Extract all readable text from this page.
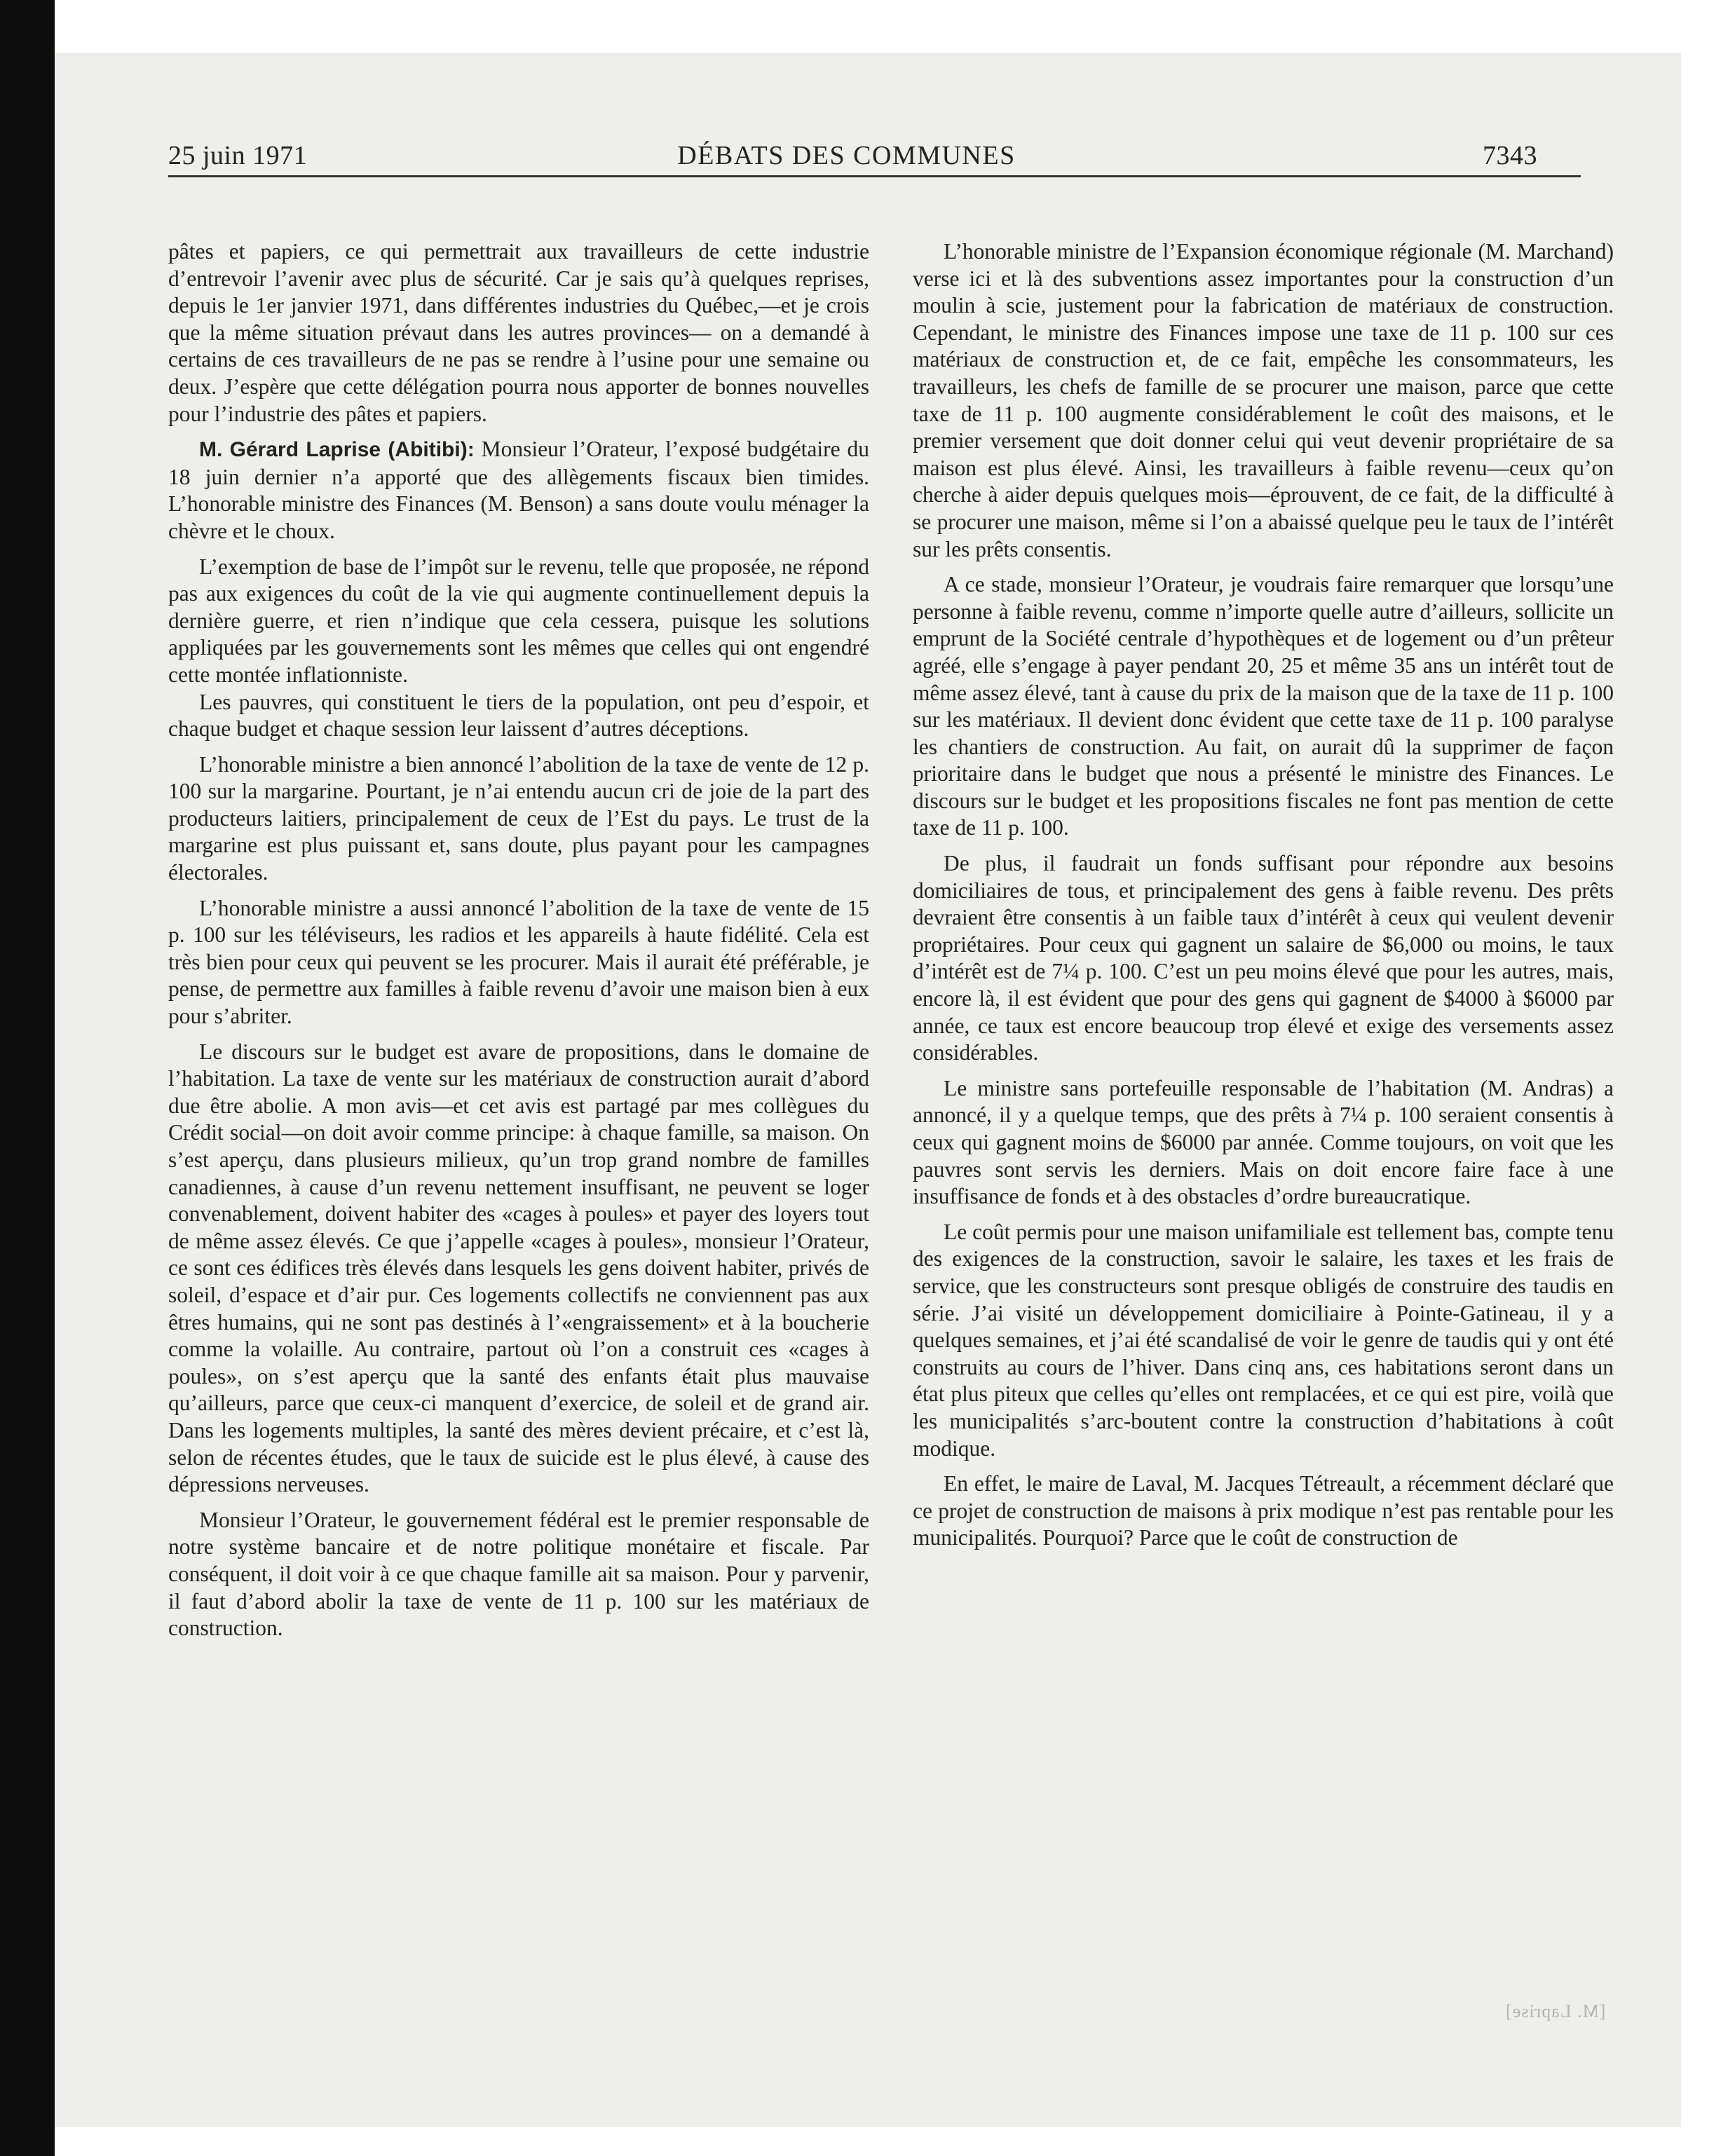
25 juin 1971	DÉBATS DES COMMUNES	7343

pâtes et papiers, ce qui permettrait aux travailleurs de cette industrie d’entrevoir l’avenir avec plus de sécurité. Car je sais qu’à quelques reprises, depuis le 1er janvier 1971, dans différentes industries du Québec,—et je crois que la même situation prévaut dans les autres provinces— on a demandé à certains de ces travailleurs de ne pas se rendre à l’usine pour une semaine ou deux. J’espère que cette délégation pourra nous apporter de bonnes nouvelles pour l’industrie des pâtes et papiers.

M. Gérard Laprise (Abitibi): Monsieur l’Orateur, l’exposé budgétaire du 18 juin dernier n’a apporté que des allègements fiscaux bien timides. L’honorable ministre des Finances (M. Benson) a sans doute voulu ménager la chèvre et le choux.

L’exemption de base de l’impôt sur le revenu, telle que proposée, ne répond pas aux exigences du coût de la vie qui augmente continuellement depuis la dernière guerre, et rien n’indique que cela cessera, puisque les solutions appliquées par les gouvernements sont les mêmes que celles qui ont engendré cette montée inflationniste.

Les pauvres, qui constituent le tiers de la population, ont peu d’espoir, et chaque budget et chaque session leur laissent d’autres déceptions.

L’honorable ministre a bien annoncé l’abolition de la taxe de vente de 12 p. 100 sur la margarine. Pourtant, je n’ai entendu aucun cri de joie de la part des producteurs laitiers, principalement de ceux de l’Est du pays. Le trust de la margarine est plus puissant et, sans doute, plus payant pour les campagnes électorales.

L’honorable ministre a aussi annoncé l’abolition de la taxe de vente de 15 p. 100 sur les téléviseurs, les radios et les appareils à haute fidélité. Cela est très bien pour ceux qui peuvent se les procurer. Mais il aurait été préférable, je pense, de permettre aux familles à faible revenu d’avoir une maison bien à eux pour s’abriter.

Le discours sur le budget est avare de propositions, dans le domaine de l’habitation. La taxe de vente sur les matériaux de construction aurait d’abord due être abolie. A mon avis—et cet avis est partagé par mes collègues du Crédit social—on doit avoir comme principe: à chaque famille, sa maison. On s’est aperçu, dans plusieurs milieux, qu’un trop grand nombre de familles canadiennes, à cause d’un revenu nettement insuffisant, ne peuvent se loger convenablement, doivent habiter des «cages à poules» et payer des loyers tout de même assez élevés. Ce que j’appelle «cages à poules», monsieur l’Orateur, ce sont ces édifices très élevés dans lesquels les gens doivent habiter, privés de soleil, d’espace et d’air pur. Ces logements collectifs ne conviennent pas aux êtres humains, qui ne sont pas destinés à l’«engraissement» et à la boucherie comme la volaille. Au contraire, partout où l’on a construit ces «cages à poules», on s’est aperçu que la santé des enfants était plus mauvaise qu’ailleurs, parce que ceux-ci manquent d’exercice, de soleil et de grand air. Dans les logements multiples, la santé des mères devient précaire, et c’est là, selon de récentes études, que le taux de suicide est le plus élevé, à cause des dépressions nerveuses.

Monsieur l’Orateur, le gouvernement fédéral est le premier responsable de notre système bancaire et de notre politique monétaire et fiscale. Par conséquent, il doit voir à ce que chaque famille ait sa maison. Pour y parvenir, il faut d’abord abolir la taxe de vente de 11 p. 100 sur les matériaux de construction.

L’honorable ministre de l’Expansion économique régionale (M. Marchand) verse ici et là des subventions assez importantes pour la construction d’un moulin à scie, justement pour la fabrication de matériaux de construction. Cependant, le ministre des Finances impose une taxe de 11 p. 100 sur ces matériaux de construction et, de ce fait, empêche les consommateurs, les travailleurs, les chefs de famille de se procurer une maison, parce que cette taxe de 11 p. 100 augmente considérablement le coût des maisons, et le premier versement que doit donner celui qui veut devenir propriétaire de sa maison est plus élevé. Ainsi, les travailleurs à faible revenu—ceux qu’on cherche à aider depuis quelques mois—éprouvent, de ce fait, de la difficulté à se procurer une maison, même si l’on a abaissé quelque peu le taux de l’intérêt sur les prêts consentis.

A ce stade, monsieur l’Orateur, je voudrais faire remarquer que lorsqu’une personne à faible revenu, comme n’importe quelle autre d’ailleurs, sollicite un emprunt de la Société centrale d’hypothèques et de logement ou d’un prêteur agréé, elle s’engage à payer pendant 20, 25 et même 35 ans un intérêt tout de même assez élevé, tant à cause du prix de la maison que de la taxe de 11 p. 100 sur les matériaux. Il devient donc évident que cette taxe de 11 p. 100 paralyse les chantiers de construction. Au fait, on aurait dû la supprimer de façon prioritaire dans le budget que nous a présenté le ministre des Finances. Le discours sur le budget et les propositions fiscales ne font pas mention de cette taxe de 11 p. 100.

De plus, il faudrait un fonds suffisant pour répondre aux besoins domiciliaires de tous, et principalement des gens à faible revenu. Des prêts devraient être consentis à un faible taux d’intérêt à ceux qui veulent devenir propriétaires. Pour ceux qui gagnent un salaire de $6,000 ou moins, le taux d’intérêt est de 7¼ p. 100. C’est un peu moins élevé que pour les autres, mais, encore là, il est évident que pour des gens qui gagnent de $4000 à $6000 par année, ce taux est encore beaucoup trop élevé et exige des versements assez considérables.

Le ministre sans portefeuille responsable de l’habitation (M. Andras) a annoncé, il y a quelque temps, que des prêts à 7¼ p. 100 seraient consentis à ceux qui gagnent moins de $6000 par année. Comme toujours, on voit que les pauvres sont servis les derniers. Mais on doit encore faire face à une insuffisance de fonds et à des obstacles d’ordre bureaucratique.

Le coût permis pour une maison unifamiliale est tellement bas, compte tenu des exigences de la construction, savoir le salaire, les taxes et les frais de service, que les constructeurs sont presque obligés de construire des taudis en série. J’ai visité un développement domiciliaire à Pointe-Gatineau, il y a quelques semaines, et j’ai été scandalisé de voir le genre de taudis qui y ont été construits au cours de l’hiver. Dans cinq ans, ces habitations seront dans un état plus piteux que celles qu’elles ont remplacées, et ce qui est pire, voilà que les municipalités s’arc-boutent contre la construction d’habitations à coût modique.

En effet, le maire de Laval, M. Jacques Tétreault, a récemment déclaré que ce projet de construction de maisons à prix modique n’est pas rentable pour les municipalités. Pourquoi? Parce que le coût de construction de

[M. Laprise]
